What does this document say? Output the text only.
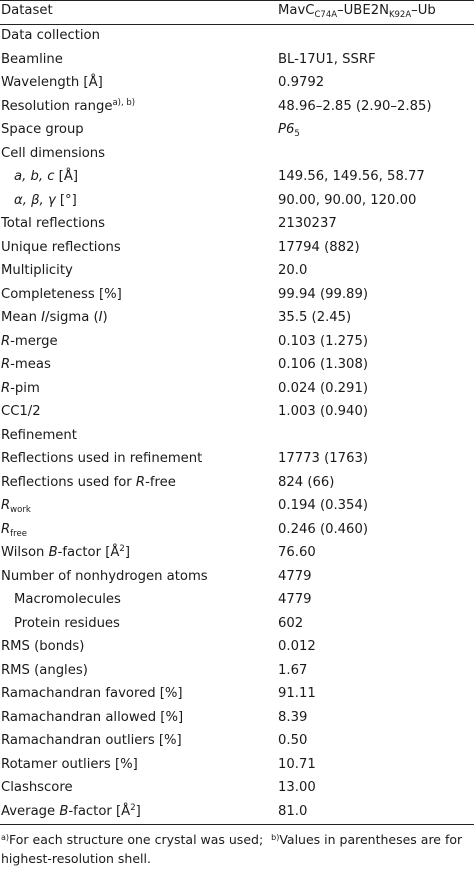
Dataset	$MavC_{C74A}-UBE2N_{K92A}-Ub$
Data collection
Beamline	BL-17U1, SSRF
Wavelength [Å]	0.9792
Resolution range$^{a), b)}$	48.96–2.85 (2.90–2.85)
Space group	$P6_5$
Cell dimensions
a, b, c [Å]	149.56, 149.56, 58.77
α, β, γ [°]	90.00, 90.00, 120.00
Total reflections	2130237
Unique reflections	17794 (882)
Multiplicity	20.0
Completeness [%]	99.94 (99.89)
Mean I/sigma (I)	35.5 (2.45)
R-merge	0.103 (1.275)
R-meas	0.106 (1.308)
R-pim	0.024 (0.291)
CC1/2	1.003 (0.940)
Refinement
Reflections used in refinement	17773 (1763)
Reflections used for R-free	824 (66)
$R_{work}$	0.194 (0.354)
$R_{free}$	0.246 (0.460)
Wilson B-factor $[Å^2]$	76.60
Number of nonhydrogen atoms	4779
Macromolecules	4779
Protein residues	602
RMS (bonds)	0.012
RMS (angles)	1.67
Ramachandran favored [%]	91.11
Ramachandran allowed [%]	8.39
Ramachandran outliers [%]	0.50
Rotamer outliers [%]	10.71
Clashscore	13.00
Average B-factor $[Å^2]$	81.0
$^{a)}$For each structure one crystal was used; $^{b)}$Values in parentheses are for highest-resolution shell.
